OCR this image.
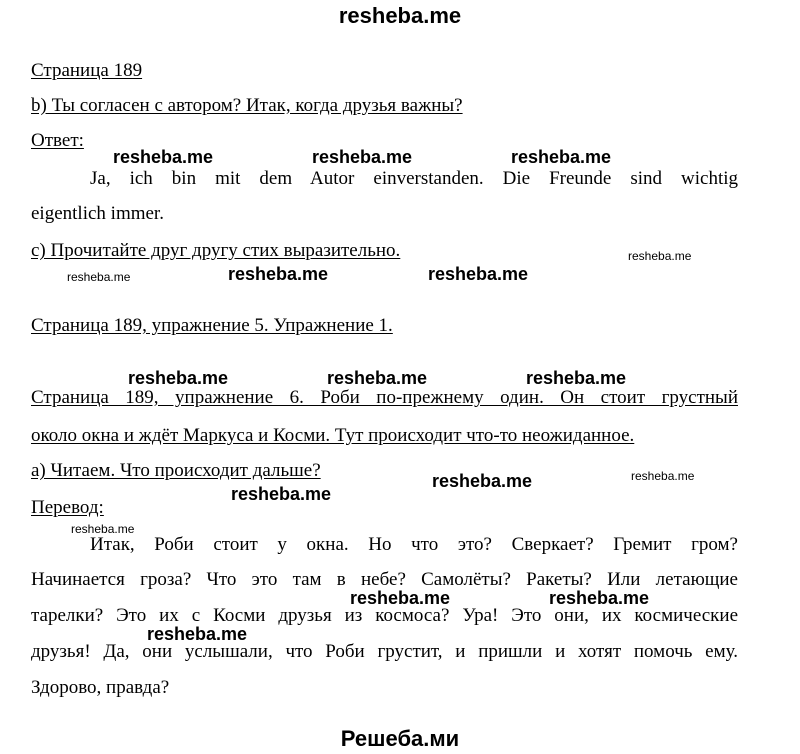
resheba.me
Страница 189
b) Ты согласен с автором? Итак, когда друзья важны?
Ответ:
Ja, ich bin mit dem Autor einverstanden. Die Freunde sind wichtig
eigentlich immer.
c) Прочитайте друг другу стих выразительно.
Страница 189, упражнение 5. Упражнение 1.
Страница 189, упражнение 6. Роби по-прежнему один. Он стоит грустный
около окна и ждёт Маркуса и Косми. Тут происходит что-то неожиданное.
а) Читаем. Что происходит дальше?
Перевод:
Итак, Роби стоит у окна. Но что это? Сверкает? Гремит гром?
Начинается гроза? Что это там в небе? Самолёты? Ракеты? Или летающие
тарелки? Это их с Косми друзья из космоса? Ура! Это они, их космические
друзья! Да, они услышали, что Роби грустит, и пришли и хотят помочь ему.
Здорово, правда?
resheba.me	resheba.me	resheba.me
resheba.me
resheba.me	resheba.me	resheba.me
resheba.me	resheba.me	resheba.me
resheba.me
resheba.me
resheba.me
resheba.me
resheba.me	resheba.me
resheba.me
Решеба.ми
